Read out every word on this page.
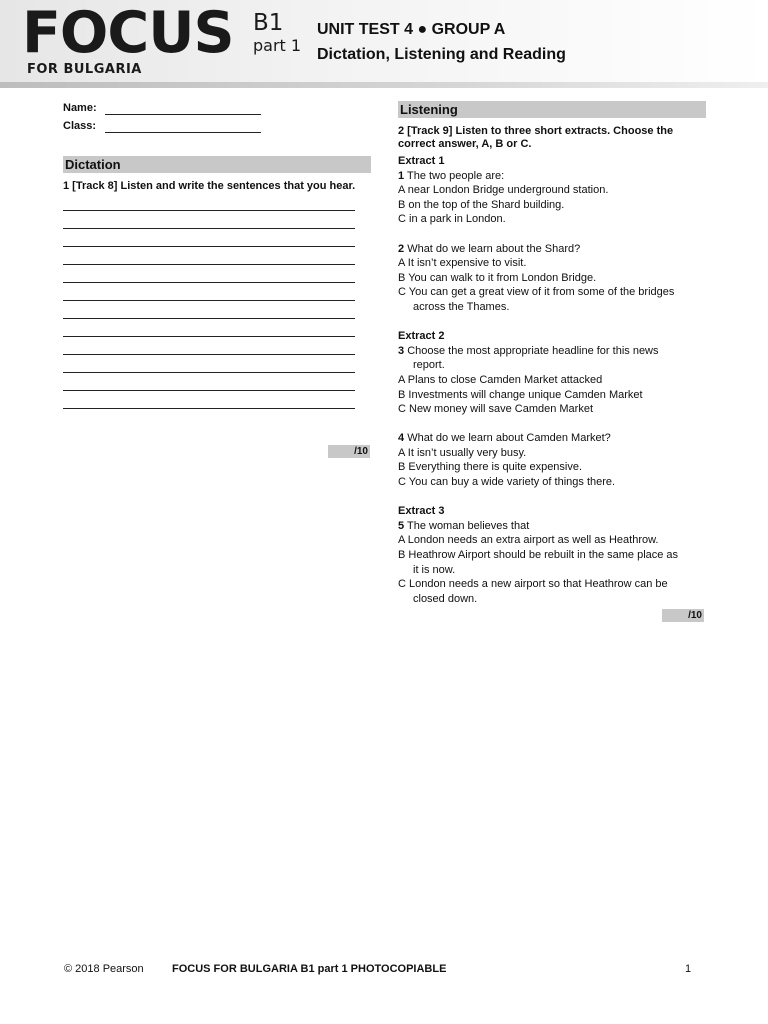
FOCUS B1
part 1
FOR BULGARIA
UNIT TEST 4 ● GROUP A
Dictation, Listening and Reading
Name:
Class:
Dictation
1 [Track 8] Listen and write the sentences that you hear.
/10
Listening
2 [Track 9] Listen to three short extracts. Choose the correct answer, A, B or C.
Extract 1
1 The two people are:
A near London Bridge underground station.
B on the top of the Shard building.
C in a park in London.
2 What do we learn about the Shard?
A It isn’t expensive to visit.
B You can walk to it from London Bridge.
C You can get a great view of it from some of the bridges
across the Thames.
Extract 2
3 Choose the most appropriate headline for this news
report.
A Plans to close Camden Market attacked
B Investments will change unique Camden Market
C New money will save Camden Market
4 What do we learn about Camden Market?
A It isn’t usually very busy.
B Everything there is quite expensive.
C You can buy a wide variety of things there.
Extract 3
5 The woman believes that
A London needs an extra airport as well as Heathrow.
B Heathrow Airport should be rebuilt in the same place as
it is now.
C London needs a new airport so that Heathrow can be
closed down.
/10
© 2018 Pearson	FOCUS FOR BULGARIA B1 part 1 PHOTOCOPIABLE	1
